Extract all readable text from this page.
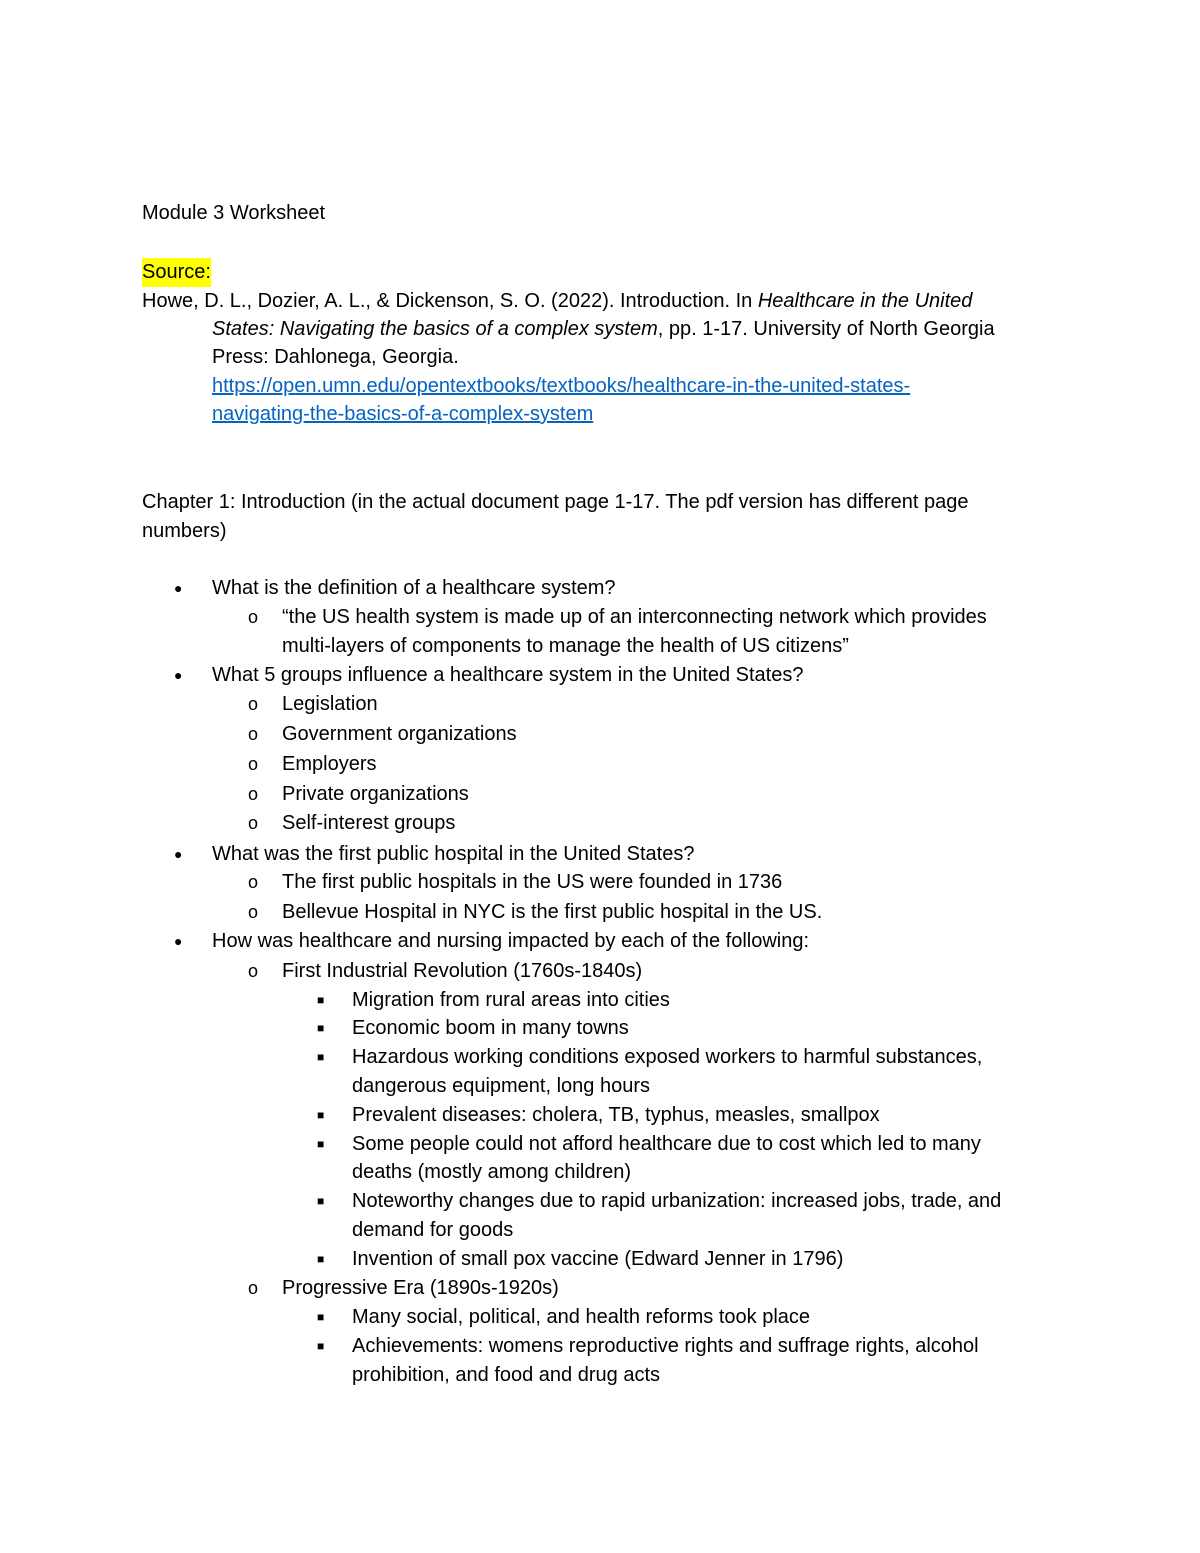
Module 3 Worksheet
Source:
Howe, D. L., Dozier, A. L., & Dickenson, S. O. (2022). Introduction. In Healthcare in the United
States: Navigating the basics of a complex system, pp. 1-17. University of North Georgia
Press: Dahlonega, Georgia.
https://open.umn.edu/opentextbooks/textbooks/healthcare-in-the-united-states-
navigating-the-basics-of-a-complex-system
Chapter 1: Introduction (in the actual document page 1-17. The pdf version has different page
numbers)
● What is the definition of a healthcare system?
o “the US health system is made up of an interconnecting network which provides
multi-layers of components to manage the health of US citizens”
● What 5 groups influence a healthcare system in the United States?
o Legislation
o Government organizations
o Employers
o Private organizations
o Self-interest groups
● What was the first public hospital in the United States?
o The first public hospitals in the US were founded in 1736
o Bellevue Hospital in NYC is the first public hospital in the US.
● How was healthcare and nursing impacted by each of the following:
o First Industrial Revolution (1760s-1840s)
■ Migration from rural areas into cities
■ Economic boom in many towns
■ Hazardous working conditions exposed workers to harmful substances,
dangerous equipment, long hours
■ Prevalent diseases: cholera, TB, typhus, measles, smallpox
■ Some people could not afford healthcare due to cost which led to many
deaths (mostly among children)
■ Noteworthy changes due to rapid urbanization: increased jobs, trade, and
demand for goods
■ Invention of small pox vaccine (Edward Jenner in 1796)
o Progressive Era (1890s-1920s)
■ Many social, political, and health reforms took place
■ Achievements: womens reproductive rights and suffrage rights, alcohol
prohibition, and food and drug acts
